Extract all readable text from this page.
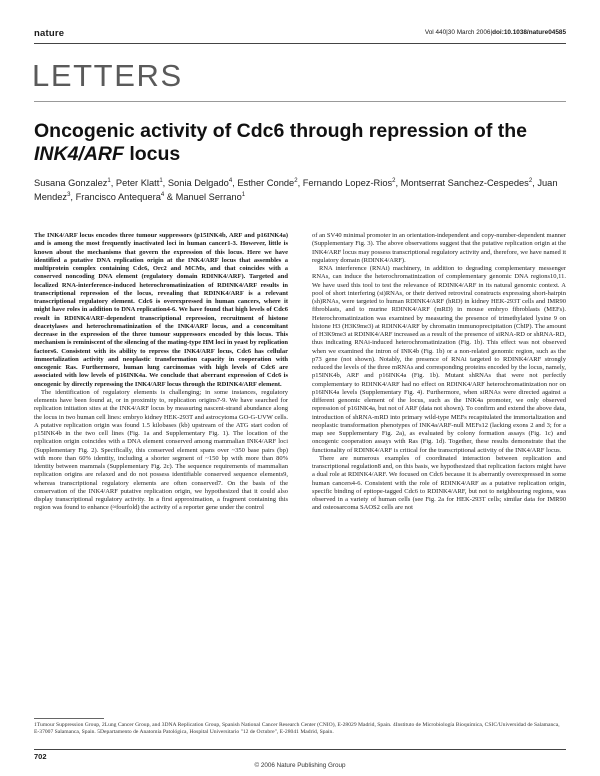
nature	Vol 440|30 March 2006|doi:10.1038/nature04585
LETTERS
Oncogenic activity of Cdc6 through repression of the INK4/ARF locus
Susana Gonzalez$^1$, Peter Klatt$^1$, Sonia Delgado$^4$, Esther Conde$^2$, Fernando Lopez-Rios$^2$, Montserrat Sanchez-Cespedes$^2$, Juan Mendez$^3$, Francisco Antequera$^4$ & Manuel Serrano$^1$

The INK4/ARF locus encodes three tumour suppressors (p15INK4b, ARF and p16INK4a) and is among the most frequently inactivated loci in human cancer1-3. However, little is known about the mechanisms that govern the expression of this locus. Here we have identified a putative DNA replication origin at the INK4/ARF locus that assembles a multiprotein complex containing Cdc6, Orc2 and MCMs, and that coincides with a conserved noncoding DNA element (regulatory domain RDINK4/ARF). Targeted and localized RNA-interference-induced heterochromatinization of RDINK4/ARF results in transcriptional repression of the locus, revealing that RDINK4/ARF is a relevant transcriptional regulatory element. Cdc6 is overexpressed in human cancers, where it might have roles in addition to DNA replication4-6. We have found that high levels of Cdc6 result in RDINK4/ARF-dependent transcriptional repression, recruitment of histone deacetylases and heterochromatinization of the INK4/ARF locus, and a concomitant decrease in the expression of the three tumour suppressors encoded by this locus. This mechanism is reminiscent of the silencing of the mating-type HM loci in yeast by replication factors6. Consistent with its ability to repress the INK4/ARF locus, Cdc6 has cellular immortalization activity and neoplastic transformation capacity in cooperation with oncogenic Ras. Furthermore, human lung carcinomas with high levels of Cdc6 are associated with low levels of p16INK4a. We conclude that aberrant expression of Cdc6 is oncogenic by directly repressing the INK4/ARF locus through the RDINK4/ARF element.

The identification of regulatory elements is challenging; in some instances, regulatory elements have been found at, or in proximity to, replication origins7-9. We have searched for replication initiation sites at the INK4/ARF locus by measuring nascent-strand abundance along the locus in two human cell lines: embryo kidney HEK-293T and astrocytoma GO-G-UVW cells. A putative replication origin was found 1.5 kilobases (kb) upstream of the ATG start codon of p15INK4b in the two cell lines (Fig. 1a and Supplementary Fig. 1). The location of the replication origin coincides with a DNA element conserved among mammalian INK4/ARF loci (Supplementary Fig. 2). Specifically, this conserved element spans over ~350 base pairs (bp) with more than 60% identity, including a shorter segment of ~150 bp with more than 80% identity between mammals (Supplementary Fig. 2c). The sequence requirements of mammalian replication origins are relaxed and do not possess identifiable conserved sequence elements9, whereas transcriptional regulatory elements are often conserved7. On the basis of the conservation of the INK4/ARF putative replication origin, we hypothesized that it could also display transcriptional regulatory activity. In a first approximation, a fragment containing this region was found to enhance (≈fourfold) the activity of a reporter gene under the control

of an SV40 minimal promoter in an orientation-independent and copy-number-dependent manner (Supplementary Fig. 3). The above observations suggest that the putative replication origin at the INK4/ARF locus may possess transcriptional regulatory activity and, therefore, we have named it regulatory domain (RDINK4/ARF).

RNA interference (RNAi) machinery, in addition to degrading complementary messenger RNAs, can induce the heterochromatinization of complementary genomic DNA regions10,11. We have used this tool to test the relevance of RDINK4/ARF in its natural genomic context. A pool of short interfering (si)RNAs, or their derived retroviral constructs expressing short-hairpin (sh)RNAs, were targeted to human RDINK4/ARF (hRD) in kidney HEK-293T cells and IMR90 fibroblasts, and to murine RDINK4/ARF (mRD) in mouse embryo fibroblasts (MEFs). Heterochromatinization was examined by measuring the presence of trimethylated lysine 9 on histone H3 (H3K9me3) at RDINK4/ARF by chromatin immunoprecipitation (ChIP). The amount of H3K9me3 at RDINK4/ARF increased as a result of the presence of siRNA-RD or shRNA-RD, thus indicating RNAi-induced heterochromatinization (Fig. 1b). This effect was not observed when we examined the intron of INK4b (Fig. 1b) or a non-related genomic region, such as the p73 gene (not shown). Notably, the presence of RNAi targeted to RDINK4/ARF strongly reduced the levels of the three mRNAs and corresponding proteins encoded by the locus, namely, p15INK4b, ARF and p16INK4a (Fig. 1b). Mutant shRNAs that were not perfectly complementary to RDINK4/ARF had no effect on RDINK4/ARF heterochromatinization nor on p16INK4a levels (Supplementary Fig. 4). Furthermore, when siRNAs were directed against a different genomic element of the locus, such as the INK4a promoter, we only observed repression of p16INK4a, but not of ARF (data not shown). To confirm and extend the above data, introduction of shRNA-mRD into primary wild-type MEFs recapitulated the immortalization and neoplastic transformation phenotypes of INK4a/ARF-null MEFs12 (lacking exons 2 and 3; for a map see Supplementary Fig. 2a), as evaluated by colony formation assays (Fig. 1c) and oncogenic cooperation assays with Ras (Fig. 1d). Together, these results demonstrate that the functionality of RDINK4/ARF is critical for the transcriptional activity of the INK4/ARF locus.

There are numerous examples of coordinated interaction between replication and transcriptional regulation8 and, on this basis, we hypothesized that replication factors might have a dual role at RDINK4/ARF. We focused on Cdc6 because it is aberrantly overexpressed in some human cancers4-6. Consistent with the role of RDINK4/ARF as a putative replication origin, specific binding of epitope-tagged Cdc6 to RDINK4/ARF, but not to neighbouring regions, was observed in a variety of human cells (see Fig. 2a for HEK-293T cells; similar data for IMR90 and osteosarcoma SAOS2 cells are not

1Tumour Suppression Group, 2Lung Cancer Group, and 3DNA Replication Group, Spanish National Cancer Research Center (CNIO), E-28029 Madrid, Spain. 4Instituto de Microbiología Bioquímica, CSIC/Universidad de Salamanca, E-37007 Salamanca, Spain. 5Departamento de Anatomía Patológica, Hospital Universitario "12 de Octubre", E-28041 Madrid, Spain.

702
© 2006 Nature Publishing Group
